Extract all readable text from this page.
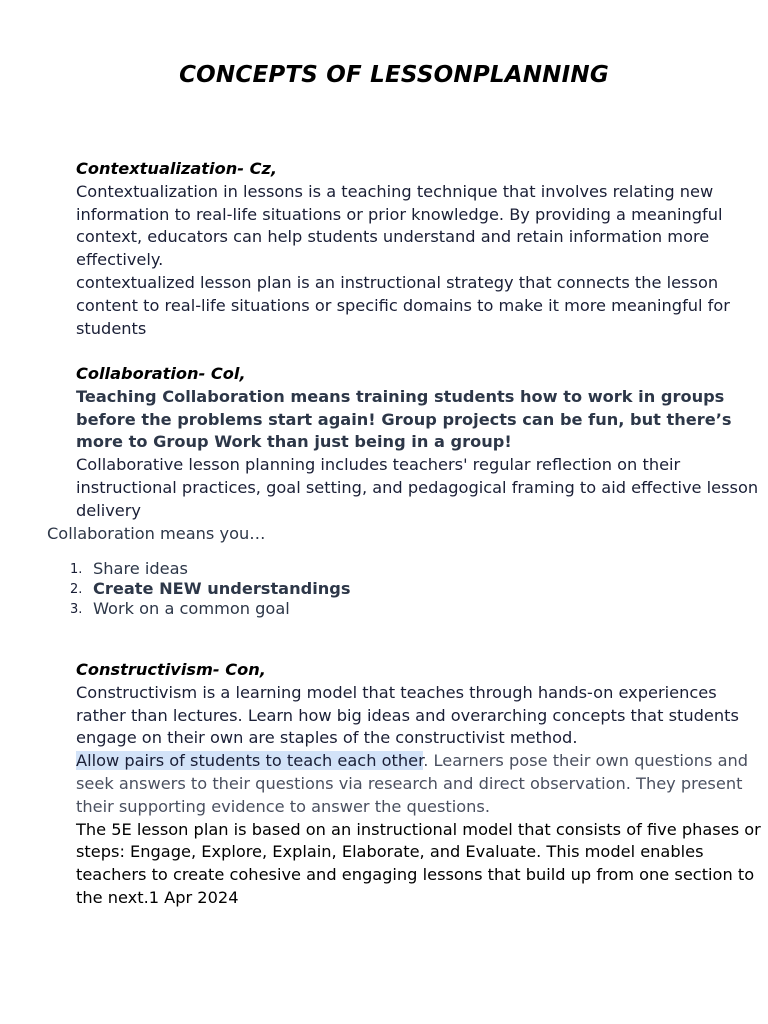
CONCEPTS OF LESSONPLANNING

Contextualization- Cz,

Contextualization in lessons is a teaching technique that involves relating new information to real-life situations or prior knowledge. By providing a meaningful context, educators can help students understand and retain information more effectively.

contextualized lesson plan is an instructional strategy that connects the lesson content to real-life situations or specific domains to make it more meaningful for students

Collaboration- Col,

Teaching Collaboration means training students how to work in groups before the problems start again! Group projects can be fun, but there’s more to Group Work than just being in a group!

Collaborative lesson planning includes teachers' regular reflection on their instructional practices, goal setting, and pedagogical framing to aid effective lesson delivery

Collaboration means you…

1. Share ideas
2. Create NEW understandings
3. Work on a common goal

Constructivism- Con,

Constructivism is a learning model that teaches through hands-on experiences rather than lectures. Learn how big ideas and overarching concepts that students engage on their own are staples of the constructivist method.

Allow pairs of students to teach each other. Learners pose their own questions and seek answers to their questions via research and direct observation. They present their supporting evidence to answer the questions.

The 5E lesson plan is based on an instructional model that consists of five phases or steps: Engage, Explore, Explain, Elaborate, and Evaluate. This model enables teachers to create cohesive and engaging lessons that build up from one section to the next.1 Apr 2024
